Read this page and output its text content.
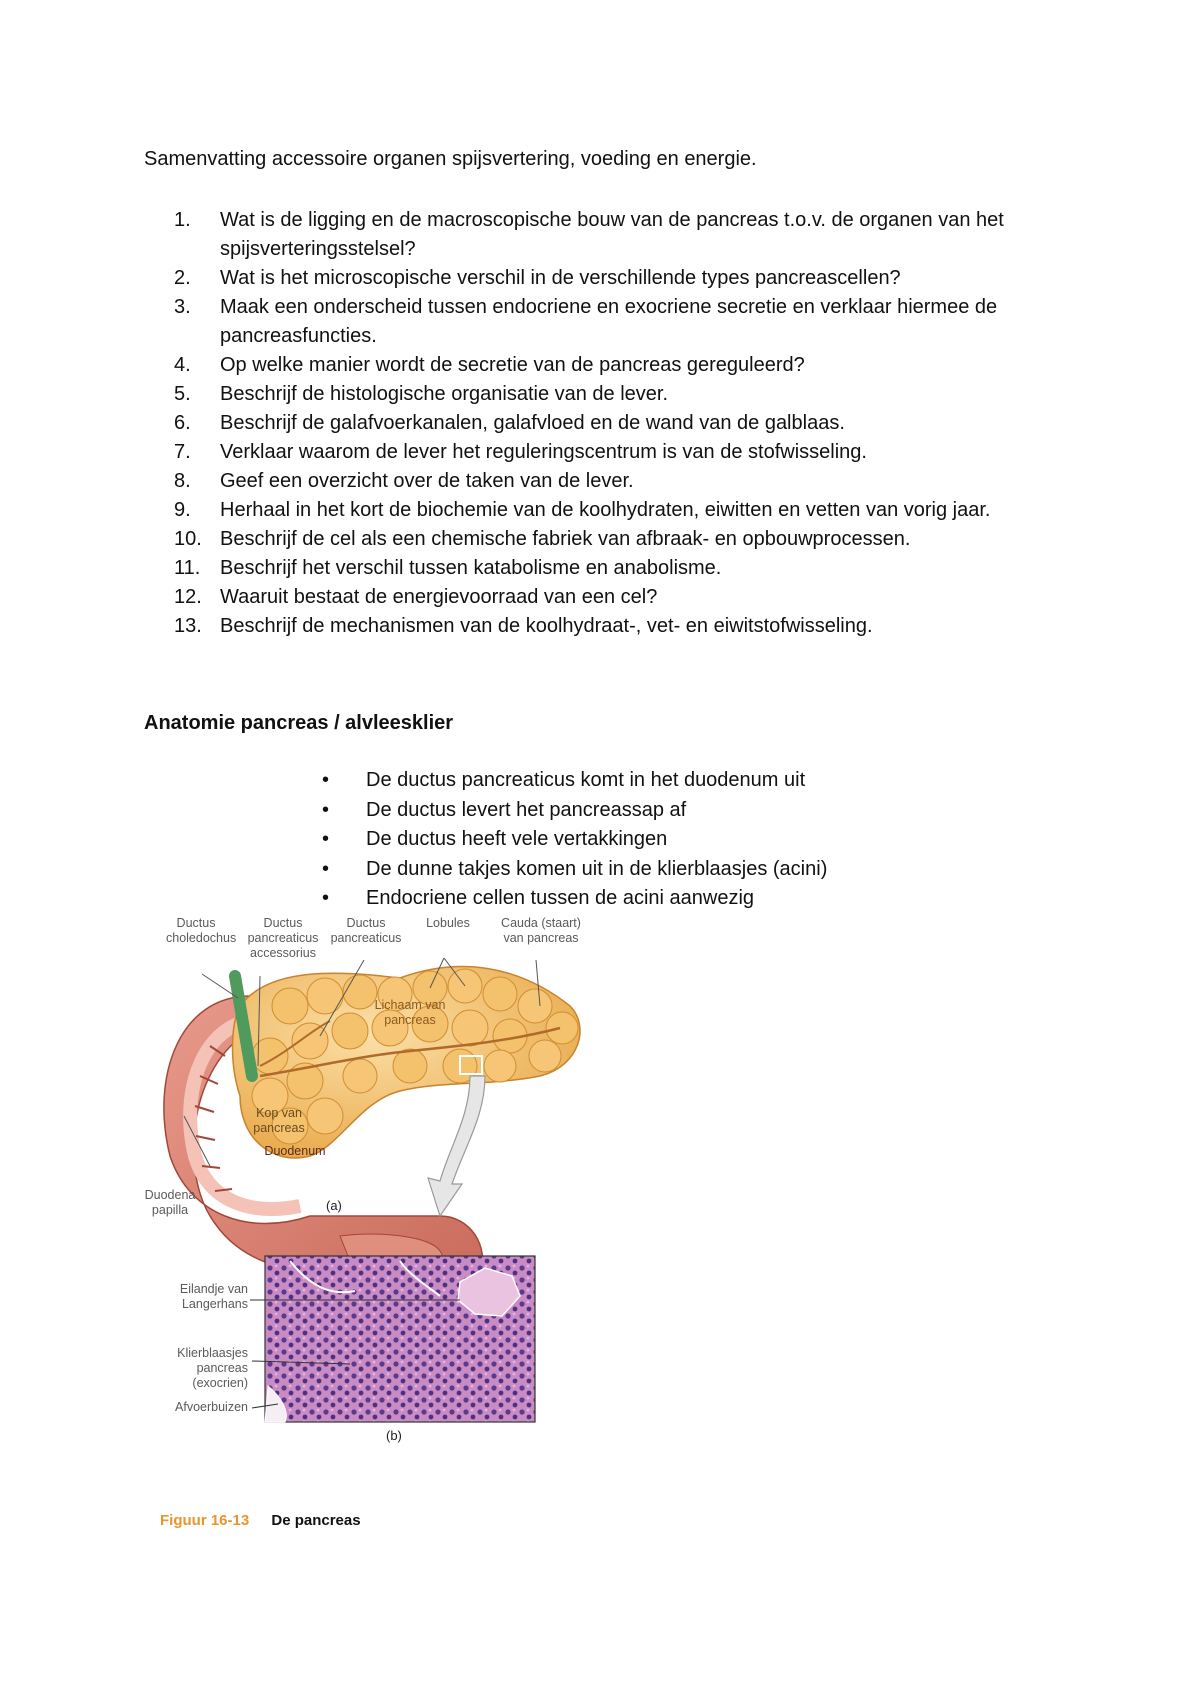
Samenvatting accessoire organen spijsvertering, voeding en energie.
1.	Wat is de ligging en de macroscopische bouw van de pancreas t.o.v. de organen van het spijsverteringsstelsel?
2.	Wat is het microscopische verschil in de verschillende types pancreascellen?
3.	Maak een onderscheid tussen endocriene en exocriene secretie en verklaar hiermee de pancreasfuncties.
4.	Op welke manier wordt de secretie van de pancreas gereguleerd?
5.	Beschrijf de histologische organisatie van de lever.
6.	Beschrijf de galafvoerkanalen, galafvloed en de wand van de galblaas.
7.	Verklaar waarom de lever het reguleringscentrum is van de stofwisseling.
8.	Geef een overzicht over de taken van de lever.
9.	Herhaal in het kort de biochemie van de koolhydraten, eiwitten en vetten van vorig jaar.
10. Beschrijf de cel als een chemische fabriek van afbraak- en opbouwprocessen.
11. Beschrijf het verschil tussen katabolisme en anabolisme.
12. Waaruit bestaat de energievoorraad van een cel?
13. Beschrijf de mechanismen van de koolhydraat-, vet- en eiwitstofwisseling.
Anatomie pancreas / alvleesklier
• De ductus pancreaticus komt in het duodenum uit
• De ductus levert het pancreassap af
• De ductus heeft vele vertakkingen
• De dunne takjes komen uit in de klierblaasjes (acini)
• Endocriene cellen tussen de acini aanwezig
Ductus choledochus
Ductus pancreaticus accessorius
Ductus pancreaticus
Lobules	Cauda (staart) van pancreas
Lichaam van pancreas
Kop van pancreas
Duodenum
Duodena papilla	(a)
Eilandje van Langerhans
Klierblaasjes pancreas (exocrien)
Afvoerbuizen
(b)
Figuur 16-13 De pancreas
